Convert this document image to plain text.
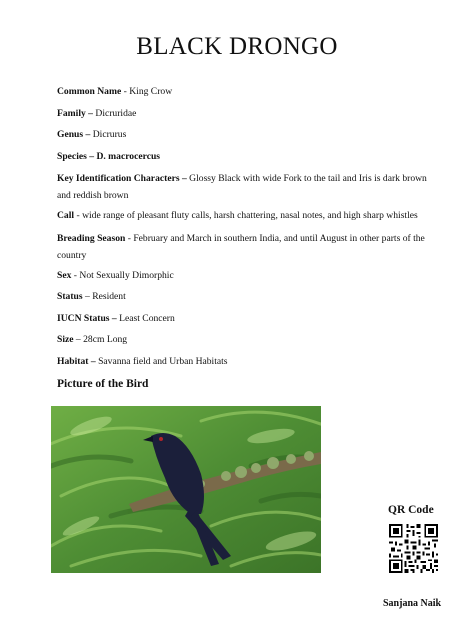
BLACK DRONGO
Common Name - King Crow
Family – Dicruridae
Genus – Dicrurus
Species – D. macrocercus
Key Identification Characters – Glossy Black with wide Fork to the tail and Iris is dark brown and reddish brown
Call - wide range of pleasant fluty calls, harsh chattering, nasal notes, and high sharp whistles
Breading Season - February and March in southern India, and until August in other parts of the country
Sex - Not Sexually Dimorphic
Status – Resident
IUCN Status – Least Concern
Size – 28cm Long
Habitat – Savanna field and Urban Habitats
Picture of the Bird
QR Code
Sanjana Naik
